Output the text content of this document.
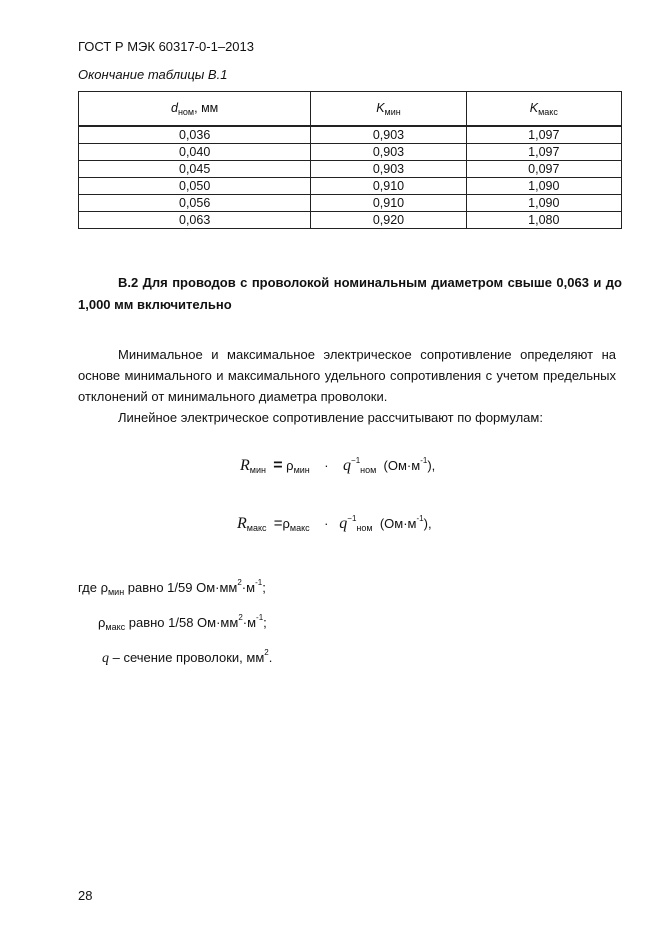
ГОСТ Р МЭК 60317-0-1–2013
Окончание таблицы В.1
$d_{ном}$, мм	$K_{мин}$	$K_{макс}$
0,036	0,903	1,097
0,040	0,903	1,097
0,045	0,903	0,097
0,050	0,910	1,090
0,056	0,910	1,090
0,063	0,920	1,080
В.2 Для проводов с проволокой номинальным диаметром свыше 0,063 и до 1,000 мм включительно
Минимальное и максимальное электрическое сопротивление определяют на основе минимального и максимального удельного сопротивления с учетом предельных отклонений от минимального диаметра проволоки.
Линейное электрическое сопротивление рассчитывают по формулам:
$R_{мин} = \rho_{мин} \cdot q^{-1}_{ном}$ $(Ом\cdot м^{-1})$,
$R_{макс} =\rho_{макс} \cdot q^{-1}_{ном}$ $(Ом\cdot м^{-1})$,
где $\rho_{мин}$ равно 1/59 $Ом\cdot мм^2\cdot м^{-1}$;
$\rho_{макс}$ равно 1/58 $Ом\cdot мм^2\cdot м^{-1}$;
q – сечение проволоки, $мм^2$.
28
